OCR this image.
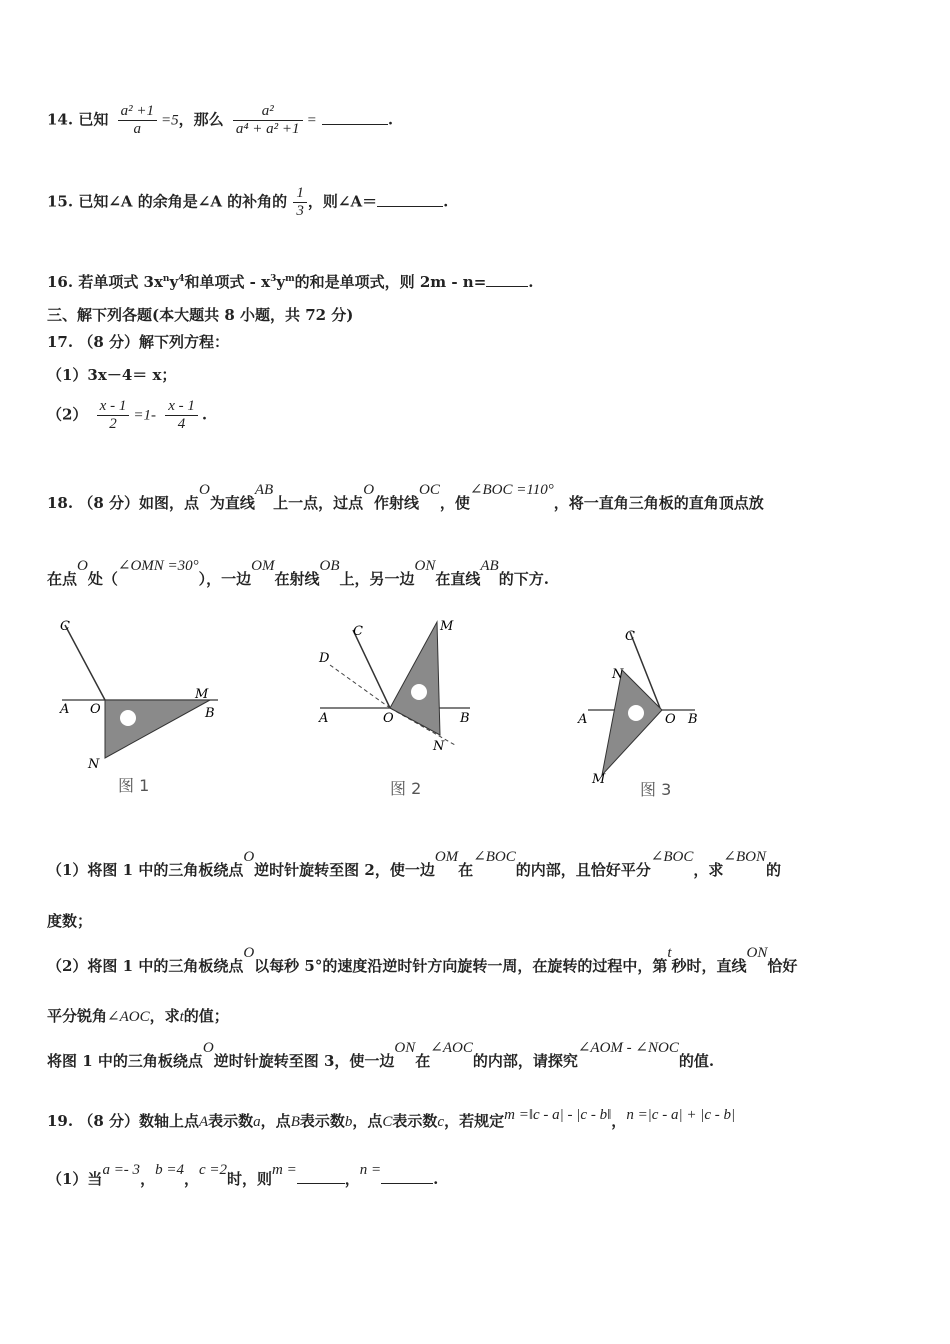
14. 已知 $\frac{\text{a² +1}}{a} =5$，那么 $\frac{\text{a²}}{\text{a⁴ + a² +1}}$ =	.
15. 已知∠A 的余角是∠A 的补角的 $\frac{1}{3}$ ，则∠A＝	.
16. 若单项式 $3x^ny^4$和单项式 - $x^3y^m$的和是单项式，则 2m - n=	.
三、解下列各题(本大题共 8 小题，共 72 分)
17. （8 分）解下列方程：
（1）3x－4＝ x；
$(2) \frac{x - 1}{2} =1- \frac{x - 1}{4}$ .
18. （8 分）如图，点O为直线AB上一点，过点O作射线OC，使∠BOC =110°，将一直角三角板的直角顶点放
在点O处（∠OMN =30°），一边OM在射线OB上，另一边ON在直线AB的下方.
C
A O
M
B
N
图 1
C	M
D
A	O	B
N
图 2
C
N
A	O B
M
图 3
（1）将图 1 中的三角板绕点O逆时针旋转至图 2，使一边OM在∠BOC的内部，且恰好平分∠BOC，求∠BON的
度数；
（2）将图 1 中的三角板绕点O以每秒 5°的速度沿逆时针方向旋转一周，在旋转的过程中，第t秒时，直线ON恰好
平分锐角∠AOC，求t的值；
将图 1 中的三角板绕点O逆时针旋转至图 3，使一边ON在∠AOC的内部，请探究∠AOM - ∠NOC的值.
19. （8 分）数轴上点A表示数a，点B表示数b，点C表示数c，若规定m =‖c - a| - |c - b‖，n =|c - a| + |c - b|
（1）当a =- 3，b =4，c =2时，则m =	，n =	.
